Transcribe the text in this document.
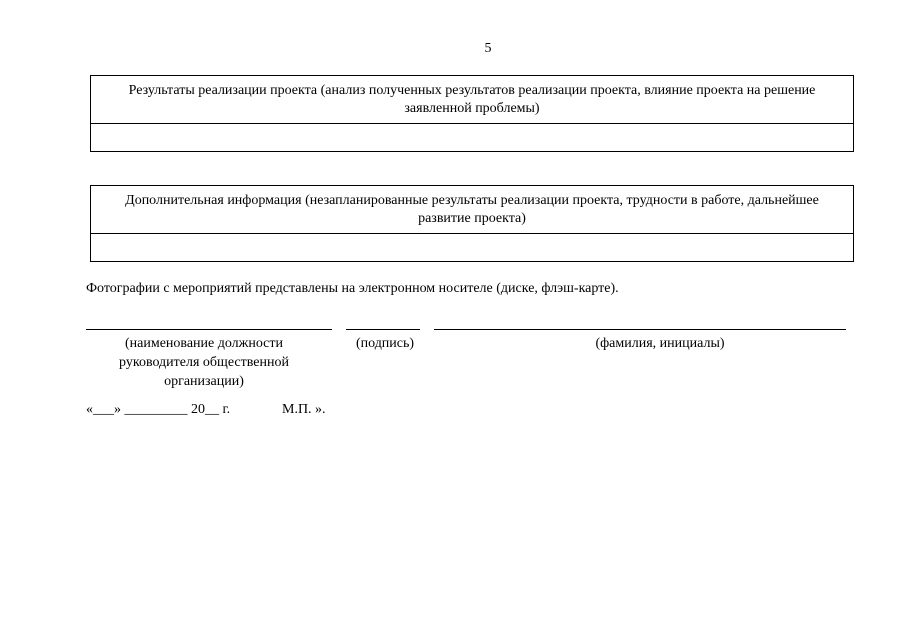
5
Результаты реализации проекта (анализ полученных результатов реализации проекта, влияние проекта на решение заявленной проблемы)
Дополнительная информация (незапланированные результаты реализации проекта, трудности в работе, дальнейшее развитие проекта)
Фотографии с мероприятий представлены на электронном носителе (диске, флэш-карте).
(наименование должности руководителя общественной организации)
(подпись)	(фамилия, инициалы)
«___» _________ 20__ г.	М.П. ».
